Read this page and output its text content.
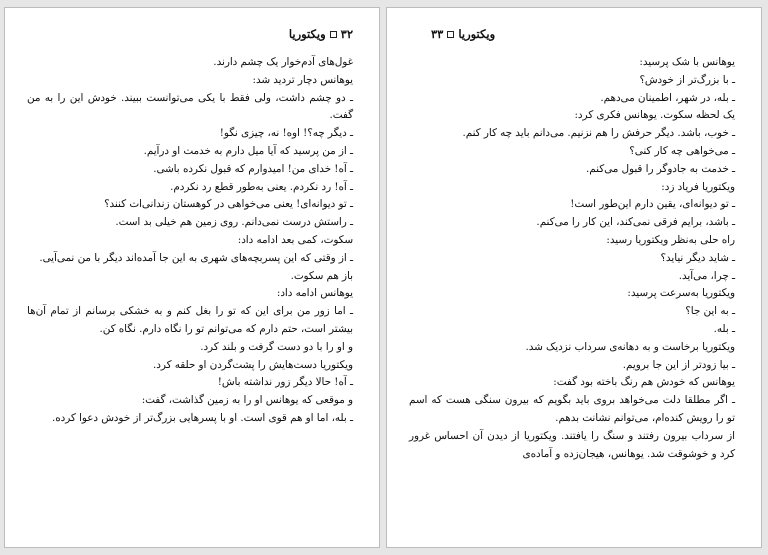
۳۲
ویکتوریا

غول‌های آدم‌خوار یک چشم دارند.

یوهانس دچار تردید شد:

ـ دو چشم داشت، ولی فقط با یکی می‌توانست ببیند. خودش این را به من گفت.

ـ دیگر چه؟! اوه! نه، چیزی نگو!

ـ از من پرسید که آیا میل دارم به خدمت او درآیم.

ـ آه! خدای من! امیدوارم که قبول نکرده باشی.

ـ آه! رد نکردم. یعنی به‌طور قطع رد نکردم.

ـ تو دیوانه‌ای! یعنی می‌خواهی در کوهستان زندانی‌ات کنند؟

ـ راستش درست نمی‌دانم. روی زمین هم خیلی بد است.

سکوت، کمی بعد ادامه داد:

ـ از وقتی که این پسربچه‌های شهری به این جا آمده‌اند دیگر با من نمی‌آیی.

باز هم سکوت.

یوهانس ادامه داد:

ـ اما زور من برای این که تو را بغل کنم و به خشکی برسانم از تمام آن‌ها بیشتر است، حتم دارم که می‌توانم تو را نگاه دارم. نگاه کن.

و او را با دو دست گرفت و بلند کرد.

ویکتوریا دست‌هایش را پشت‌گردن او حلقه کرد.

ـ آه! حالا دیگر زور نداشته باش!

و موقعی که یوهانس او را به زمین گذاشت، گفت:

ـ بله، اما او هم قوی است. او با پسرهایی بزرگ‌تر از خودش دعوا کرده.

ویکتوریا
۳۳

یوهانس با شک پرسید:

ـ با بزرگ‌تر از خودش؟

ـ بله، در شهر، اطمینان می‌دهم.

یک لحظه سکوت. یوهانس فکری کرد:

ـ خوب، باشد. دیگر حرفش را هم نزنیم. می‌دانم باید چه کار کنم.

ـ می‌خواهی چه کار کنی؟

ـ خدمت به جادوگر را قبول می‌کنم.

ویکتوریا فریاد زد:

ـ تو دیوانه‌ای، یقین دارم این‌طور است!

ـ باشد، برایم فرقی نمی‌کند، این کار را می‌کنم.

راه حلی به‌نظر ویکتوریا رسید:

ـ شاید دیگر نیاید؟

ـ چرا، می‌آید.

ویکتوریا به‌سرعت پرسید:

ـ به این جا؟

ـ بله.

ویکتوریا برخاست و به دهانه‌ی سرداب نزدیک شد.

ـ بیا زودتر از این جا برویم.

یوهانس که خودش هم رنگ باخته بود گفت:

ـ اگر مطلقا دلت می‌خواهد بروی باید بگویم که بیرون سنگی هست که اسم تو را رویش کنده‌ام، می‌توانم نشانت بدهم.

از سرداب بیرون رفتند و سنگ را یافتند. ویکتوریا از دیدن آن احساس غرور کرد و خوشوقت شد. یوهانس، هیجان‌زده و آماده‌ی
